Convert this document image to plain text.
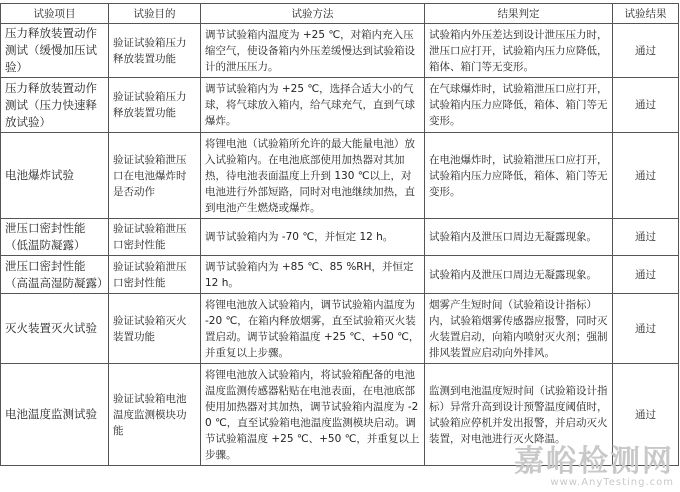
试验项目	试验目的	试验方法	结果判定	试验结果
压力释放装置动作测试（缓慢加压试验）	验证试验箱压力释放装置功能	调节试验箱内温度为 +25 ℃，对箱内充入压缩空气，使设备箱内外压差缓慢达到试验箱设计的泄压压力。	试验箱内外压差达到设计泄压压力时，泄压口应打开，试验箱内压力应降低，箱体、箱门等无变形。	通过
压力释放装置动作测试（压力快速释放试验）	验证试验箱压力释放装置功能	调节试验箱内为 +25 ℃，选择合适大小的气球，将气球放入箱内，给气球充气，直到气球爆炸。	在气球爆炸时，试验箱泄压口应打开，试验箱内压力应降低，箱体、箱门等无变形。	通过
电池爆炸试验	验证试验箱泄压口在电池爆炸时是否动作	将锂电池（试验箱所允许的最大能量电池）放入试验箱内。在电池底部使用加热器对其加热，待电池表面温度上升到 130 ℃以上，对电池进行外部短路，同时对电池继续加热，直到电池产生燃烧或爆炸。	在电池爆炸时，试验箱泄压口应打开，试验箱内压力应降低，箱体、箱门等无变形。	通过
泄压口密封性能（低温防凝露）	验证试验箱泄压口密封性能	调节试验箱内为 -70 ℃，并恒定 12 h。	试验箱内及泄压口周边无凝露现象。	通过
泄压口密封性能（高温高湿防凝露）	验证试验箱泄压口密封性能	调节试验箱内为 +85 ℃、85 %RH，并恒定 12 h。	试验箱内及泄压口周边无凝露现象。	通过
灭火装置灭火试验	验证试验箱灭火装置功能	将锂电池放入试验箱内，调节试验箱内温度为 -20 ℃，在箱内释放烟雾，直至试验箱灭火装置启动。调节试验箱温度 +25 ℃、+50 ℃，并重复以上步骤。	烟雾产生短时间（试验箱设计指标）内，试验箱烟雾传感器应报警，同时灭火装置启动，向箱内喷射灭火剂；强制排风装置应启动向外排风。	通过
电池温度监测试验	验证试验箱电池温度监测模块功能	将锂电池放入试验箱内，将试验箱配备的电池温度监测传感器粘贴在电池表面，在电池底部使用加热器对其加热，调节试验箱内温度为 -20 ℃，直至试验箱电池温度监测模块启动。调节试验箱温度 +25 ℃、+50 ℃，并重复以上步骤。	监测到电池温度短时间（试验箱设计指标）异常升高到设计预警温度阈值时，试验箱应停机并发出报警，并启动灭火装置，对电池进行灭火降温。	通过
嘉峪检测网
www.AnyTesting.com
